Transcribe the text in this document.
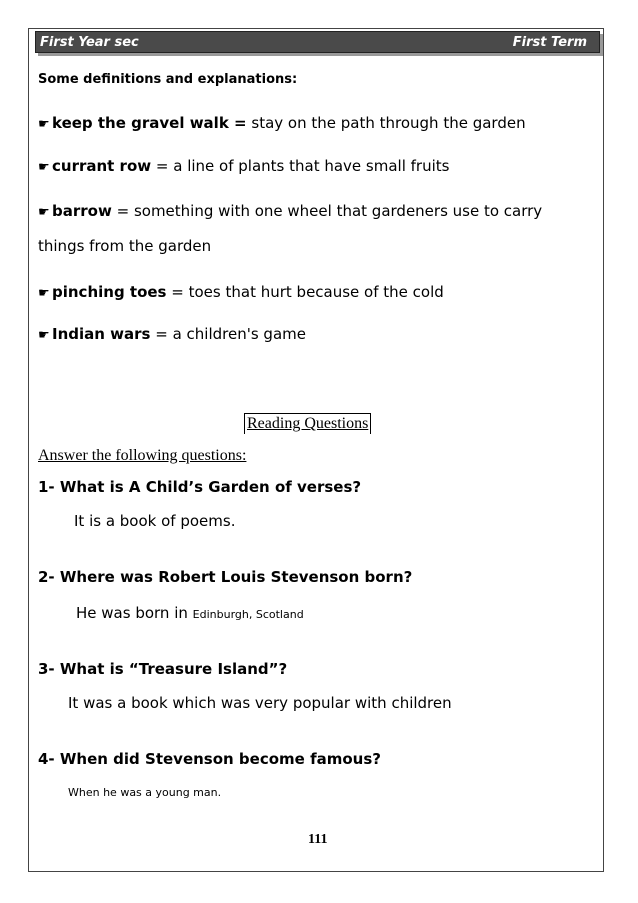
First Year sec	First Term
Some definitions and explanations:
☛ keep the gravel walk = stay on the path through the garden
☛ currant row = a line of plants that have small fruits
☛ barrow = something with one wheel that gardeners use to carry
things from the garden
☛ pinching toes = toes that hurt because of the cold
☛ Indian wars = a children's game
Reading Questions
Answer the following questions:
1- What is A Child’s Garden of verses?
It is a book of poems.
2- Where was Robert Louis Stevenson born?
He was born in Edinburgh, Scotland
3- What is “Treasure Island”?
It was a book which was very popular with children
4- When did Stevenson become famous?
When he was a young man.
111
